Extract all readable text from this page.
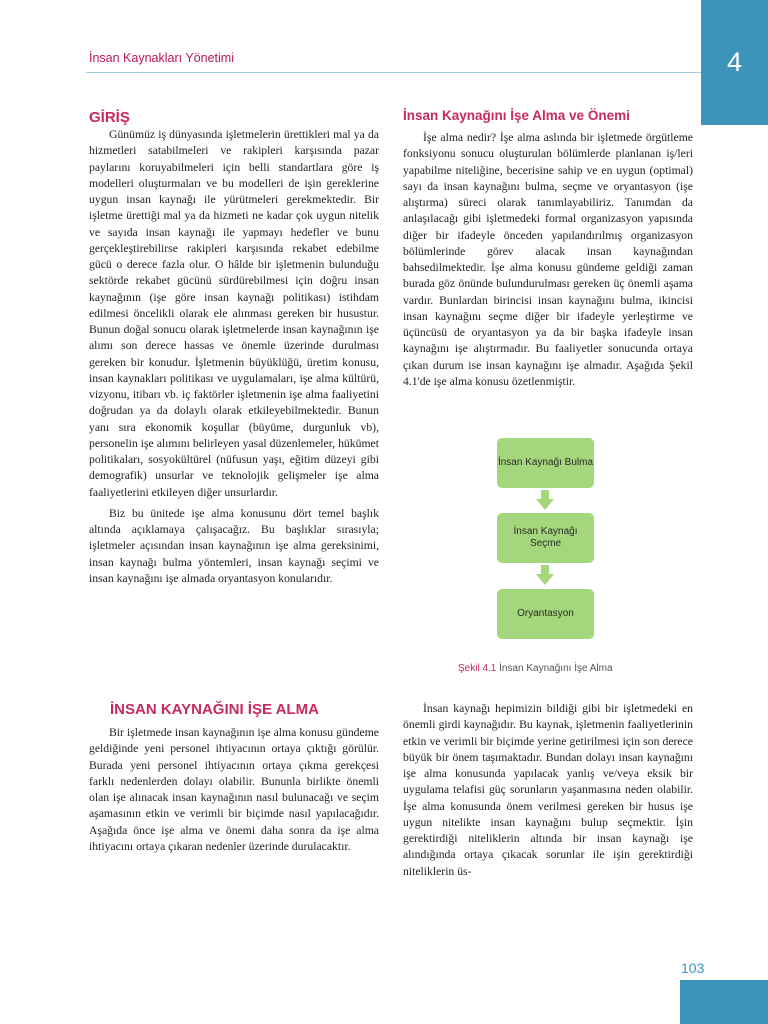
İnsan Kaynakları Yönetimi	4
GİRİŞ

Günümüz iş dünyasında işletmelerin ürettikleri mal ya da hizmetleri satabilmeleri ve rakipleri karşısında pazar paylarını koruyabilmeleri için belli standartlara göre iş modelleri oluşturmaları ve bu modelleri de işin gereklerine uygun insan kaynağı ile yürütmeleri gerekmektedir. Bir işletme ürettiği mal ya da hizmeti ne kadar çok uygun nitelik ve sayıda insan kaynağı ile yapmayı hedefler ve bunu gerçekleştirebilirse rakipleri karşısında rekabet edebilme gücü o derece fazla olur. O hâlde bir işletmenin bulunduğu sektörde rekabet gücünü sürdürebilmesi için doğru insan kaynağının (işe göre insan kaynağı politikası) istihdam edilmesi öncelikli olarak ele alınması gereken bir husustur. Bunun doğal sonucu olarak işletmelerde insan kaynağının işe alımı son derece hassas ve önemle üzerinde durulması gereken bir konudur. İşletmenin büyüklüğü, üretim konusu, insan kaynakları politikası ve uygulamaları, işe alma kültürü, vizyonu, itibarı vb. iç faktörler işletmenin işe alma faaliyetini doğrudan ya da dolaylı olarak etkileyebilmektedir. Bunun yanı sıra ekonomik koşullar (büyüme, durgunluk vb), personelin işe alımını belirleyen yasal düzenlemeler, hükümet politikaları, sosyokültürel (nüfusun yaşı, eğitim düzeyi gibi demografik) unsurlar ve teknolojik gelişmeler işe alma faaliyetlerini etkileyen diğer unsurlardır.

Biz bu ünitede işe alma konusunu dört temel başlık altında açıklamaya çalışacağız. Bu başlıklar sırasıyla; işletmeler açısından insan kaynağının işe alma gereksinimi, insan kaynağı bulma yöntemleri, insan kaynağı seçimi ve insan kaynağını işe almada oryantasyon konularıdır.

İNSAN KAYNAĞINI İŞE ALMA

Bir işletmede insan kaynağının işe alma konusu gündeme geldiğinde yeni personel ihtiyacının ortaya çıktığı görülür. Burada yeni personel ihtiyacının ortaya çıkma gerekçesi farklı nedenlerden dolayı olabilir. Bununla birlikte önemli olan işe alınacak insan kaynağının nasıl bulunacağı ve seçim aşamasının etkin ve verimli bir biçimde nasıl yapılacağıdır. Aşağıda önce işe alma ve önemi daha sonra da işe alma ihtiyacını ortaya çıkaran nedenler üzerinde durulacaktır.

İnsan Kaynağını İşe Alma ve Önemi

İşe alma nedir? İşe alma aslında bir işletmede örgütleme fonksiyonu sonucu oluşturulan bölümlerde planlanan iş/leri yapabilme niteliğine, becerisine sahip ve en uygun (optimal) sayı da insan kaynağını bulma, seçme ve oryantasyon (işe alıştırma) süreci olarak tanımlayabiliriz. Tanımdan da anlaşılacağı gibi işletmedeki formal organizasyon yapısında diğer bir ifadeyle önceden yapılandırılmış organizasyon bölümlerinde görev alacak insan kaynağından bahsedilmektedir. İşe alma konusu gündeme geldiği zaman burada göz önünde bulundurulması gereken üç önemli aşama vardır. Bunlardan birincisi insan kaynağını bulma, ikincisi insan kaynağını seçme diğer bir ifadeyle yerleştirme ve üçüncüsü de oryantasyon ya da bir başka ifadeyle insan kaynağını işe alıştırmadır. Bu faaliyetler sonucunda ortaya çıkan durum ise insan kaynağını işe almadır. Aşağıda Şekil 4.1'de işe alma konusu özetlenmiştir.

İnsan Kaynağı Bulma
İnsan Kaynağı Seçme
Oryantasyon
Şekil 4.1 İnsan Kaynağını İşe Alma

İnsan kaynağı hepimizin bildiği gibi bir işletmedeki en önemli girdi kaynağıdır. Bu kaynak, işletmenin faaliyetlerinin etkin ve verimli bir biçimde yerine getirilmesi için son derece büyük bir önem taşımaktadır. Bundan dolayı insan kaynağını işe alma konusunda yapılacak yanlış ve/veya eksik bir uygulama telafisi güç sorunların yaşanmasına neden olabilir. İşe alma konusunda önem verilmesi gereken bir husus işe uygun nitelikte insan kaynağını bulup seçmektir. İşin gerektirdiği niteliklerin altında bir insan kaynağı işe alındığında ortaya çıkacak sorunlar ile işin gerektirdiği niteliklerin üs-

103
